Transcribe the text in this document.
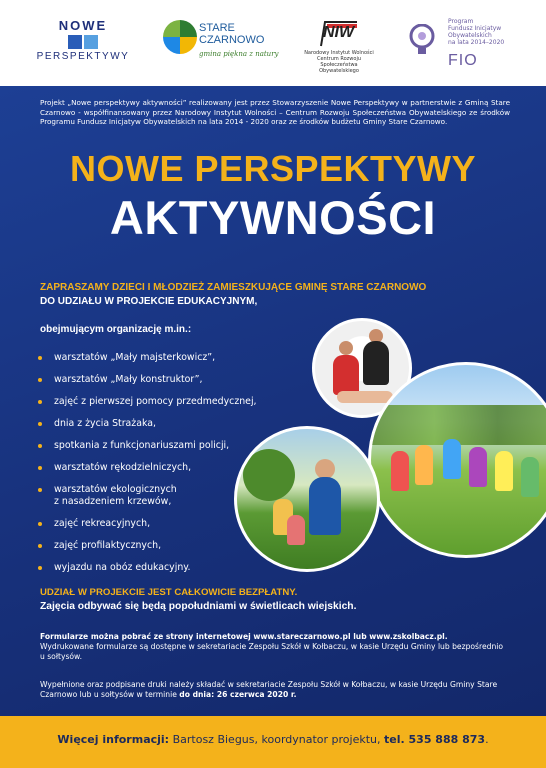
NOWE
PERSPEKTYWY
STARE
CZARNOWO
gmina piękna z natury
NIW
Narodowy Instytut Wolności
Centrum Rozwoju Społeczeństwa Obywatelskiego
Program
Fundusz Inicjatyw
Obywatelskich
na lata 2014–2020
FIO
Projekt „Nowe perspektywy aktywności” realizowany jest przez Stowarzyszenie Nowe Perspektywy w partnerstwie z Gminą Stare Czarnowo - współfinansowany przez Narodowy Instytut Wolności – Centrum Rozwoju Społeczeństwa Obywatelskiego ze środków Programu Fundusz Inicjatyw Obywatelskich na lata 2014 - 2020 oraz ze środków budżetu Gminy Stare Czarnowo.
NOWE PERSPEKTYWY
AKTYWNOŚCI
ZAPRASZAMY DZIECI I MŁODZIEŻ ZAMIESZKUJĄCE GMINĘ STARE CZARNOWO
DO UDZIAŁU W PROJEKCIE EDUKACYJNYM,
obejmującym organizację m.in.:
warsztatów „Mały majsterkowicz”,
warsztatów „Mały konstruktor”,
zajęć z pierwszej pomocy przedmedycznej,
dnia z życia Strażaka,
spotkania z funkcjonariuszami policji,
warsztatów rękodzielniczych,
warsztatów ekologicznych
z nasadzeniem krzewów,
zajęć rekreacyjnych,
zajęć profilaktycznych,
wyjazdu na obóz edukacyjny.
UDZIAŁ W PROJEKCIE JEST CAŁKOWICIE BEZPŁATNY.
Zajęcia odbywać się będą popołudniami w świetlicach wiejskich.
Formularze można pobrać ze strony internetowej www.stareczarnowo.pl lub www.zskolbacz.pl.
Wydrukowane formularze są dostępne w sekretariacie Zespołu Szkół w Kołbaczu, w kasie Urzędu Gminy lub bezpośrednio u sołtysów.
Wypełnione oraz podpisane druki należy składać w sekretariacie Zespołu Szkół w Kołbaczu, w kasie Urzędu Gminy Stare Czarnowo lub u sołtysów w terminie do dnia: 26 czerwca 2020 r.
Więcej informacji: Bartosz Biegus, koordynator projektu, tel. 535 888 873.
